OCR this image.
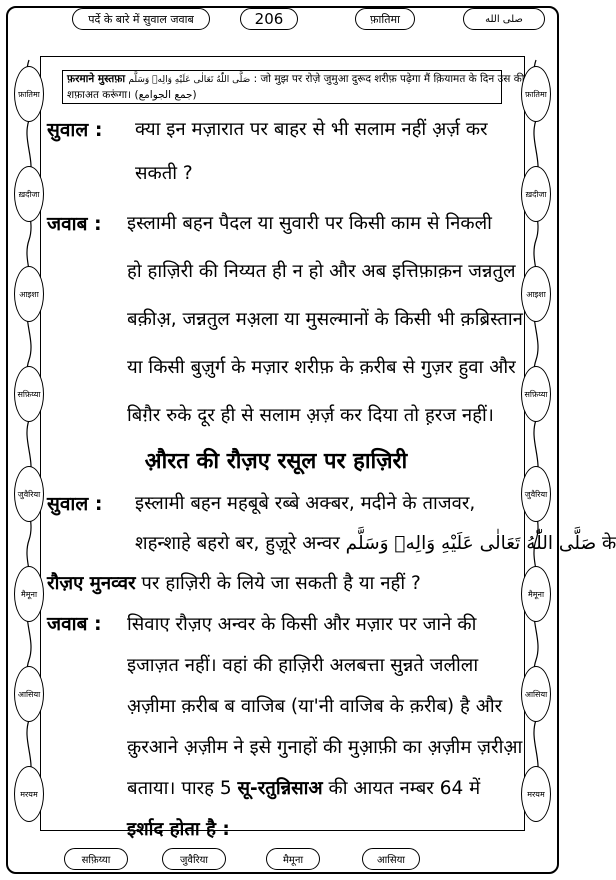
फ़ातिमा
ख़दीजा
आइशा
सफ़िय्या
जुवैरिया
मैमूना
आसिया
मरयम
फ़ातिमा
ख़दीजा
आइशा
सफ़िय्या
जुवैरिया
मैमूना
आसिया
मरयम
पर्दे के बारे में सुवाल जवाब	206	फ़ातिमा	صلى الله
फ़रमाने मुस्तफ़ा صَلَّى اللّٰهُ تَعَالٰى عَلَيْهِ وَالِهٖ وَسَلَّم : जो मुझ पर रोज़े जुमुआ दुरूद शरीफ़ पढ़ेगा मैं क़ियामत के दिन उस की
शफ़ाअत करूंगा। (جمع الجوامع)
सुवाल :	क्या इन मज़ारात पर बाहर से भी सलाम नहीं अ़र्ज़ कर
सकती ?
जवाब :	इस्लामी बहन पैदल या सुवारी पर किसी काम से निकली
हो हाज़िरी की निय्यत ही न हो और अब इत्तिफ़ाक़न जन्नतुल
बक़ीअ़, जन्नतुल मअ़ला या मुसल्मानों के किसी भी क़ब्रिस्तान
या किसी बुज़ुर्ग के मज़ार शरीफ़ के क़रीब से गुज़र हुवा और
बिग़ैर रुके दूर ही से सलाम अ़र्ज़ कर दिया तो ह़रज नहीं।
औ़रत की रौज़ए रसूल पर हाज़िरी
सुवाल :	इस्लामी बहन महबूबे रब्बे अक्बर, मदीने के ताजवर,
शहन्शाहे बहरो बर, हुज़ूरे अन्वर صَلَّى اللّٰهُ تَعَالٰى عَلَيْهِ وَالِهٖ وَسَلَّم के
रौज़ए मुनव्वर पर हाज़िरी के लिये जा सकती है या नहीं ?
जवाब :	सिवाए रौज़ए अन्वर के किसी और मज़ार पर जाने की
इजाज़त नहीं। वहां की हाज़िरी अलबत्ता सुन्नते जलीला
अ़ज़ीमा क़रीब ब वाजिब (या'नी वाजिब के क़रीब) है और
क़ुरआने अ़ज़ीम ने इसे गुनाहों की मुआ़फ़ी का अ़ज़ीम ज़रीआ़
बताया। पारह 5 सू-रतुन्निसाअ की आयत नम्बर 64 में
इर्शाद होता है :
सफ़िय्या	जुवैरिया	मैमूना	आसिया
